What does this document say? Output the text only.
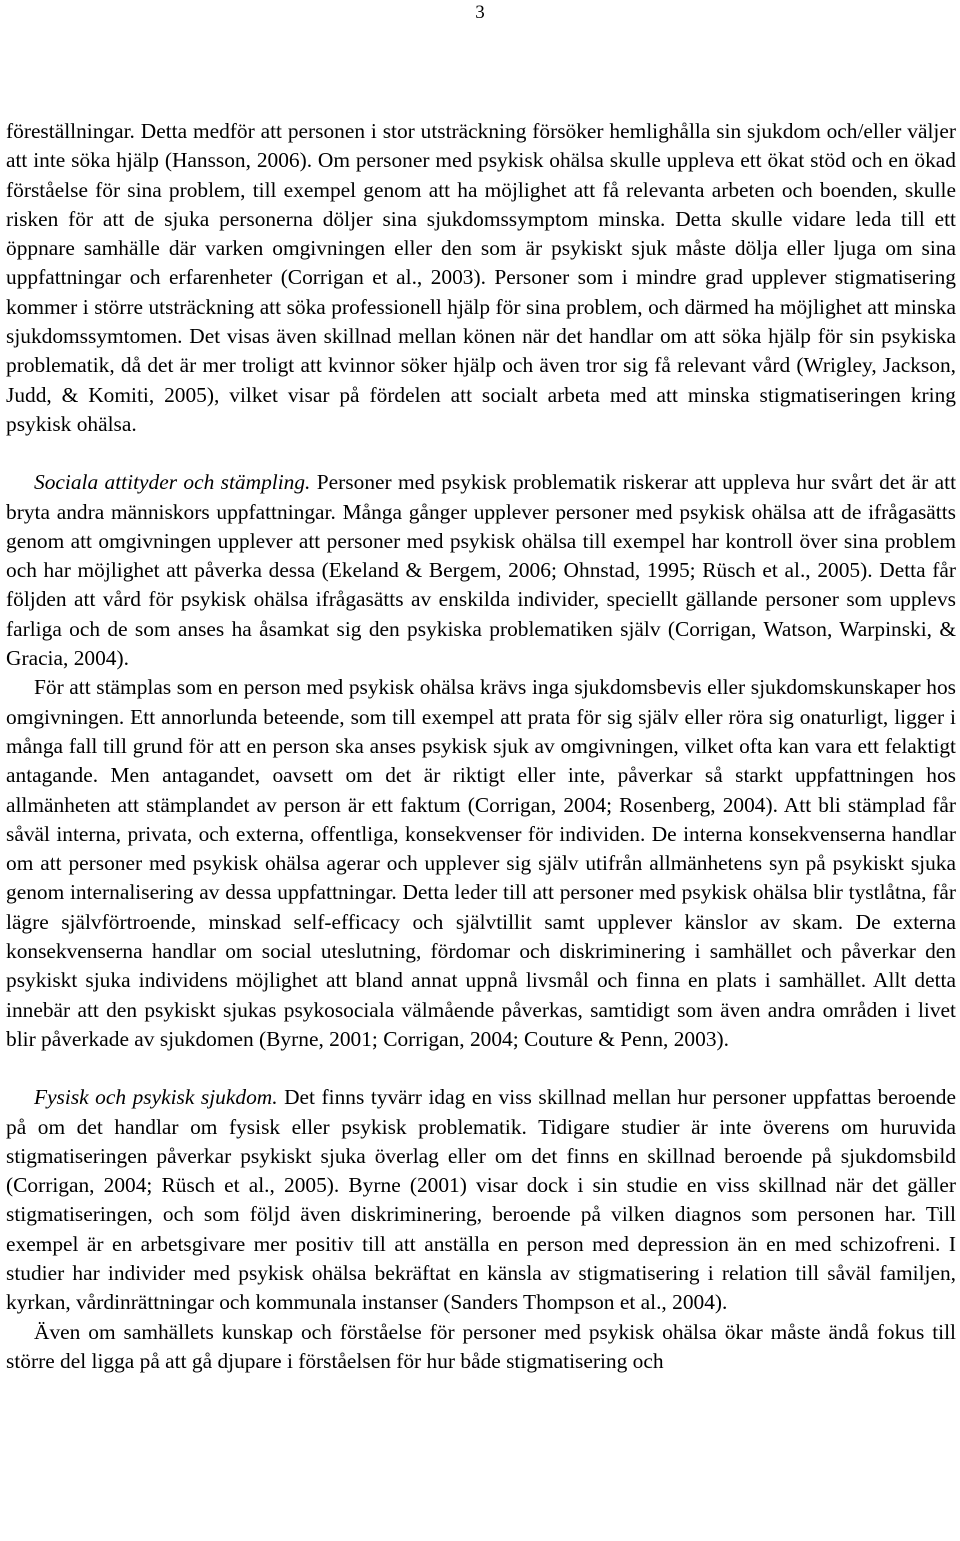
3

föreställningar. Detta medför att personen i stor utsträckning försöker hemlighålla sin sjukdom och/eller väljer att inte söka hjälp (Hansson, 2006). Om personer med psykisk ohälsa skulle uppleva ett ökat stöd och en ökad förståelse för sina problem, till exempel genom att ha möjlighet att få relevanta arbeten och boenden, skulle risken för att de sjuka personerna döljer sina sjukdomssymptom minska. Detta skulle vidare leda till ett öppnare samhälle där varken omgivningen eller den som är psykiskt sjuk måste dölja eller ljuga om sina uppfattningar och erfarenheter (Corrigan et al., 2003). Personer som i mindre grad upplever stigmatisering kommer i större utsträckning att söka professionell hjälp för sina problem, och därmed ha möjlighet att minska sjukdomssymtomen. Det visas även skillnad mellan könen när det handlar om att söka hjälp för sin psykiska problematik, då det är mer troligt att kvinnor söker hjälp och även tror sig få relevant vård (Wrigley, Jackson, Judd, & Komiti, 2005), vilket visar på fördelen att socialt arbeta med att minska stigmatiseringen kring psykisk ohälsa.

Sociala attityder och stämpling. Personer med psykisk problematik riskerar att uppleva hur svårt det är att bryta andra människors uppfattningar. Många gånger upplever personer med psykisk ohälsa att de ifrågasätts genom att omgivningen upplever att personer med psykisk ohälsa till exempel har kontroll över sina problem och har möjlighet att påverka dessa (Ekeland & Bergem, 2006; Ohnstad, 1995; Rüsch et al., 2005). Detta får följden att vård för psykisk ohälsa ifrågasätts av enskilda individer, speciellt gällande personer som upplevs farliga och de som anses ha åsamkat sig den psykiska problematiken själv (Corrigan, Watson, Warpinski, & Gracia, 2004).

För att stämplas som en person med psykisk ohälsa krävs inga sjukdomsbevis eller sjukdomskunskaper hos omgivningen. Ett annorlunda beteende, som till exempel att prata för sig själv eller röra sig onaturligt, ligger i många fall till grund för att en person ska anses psykisk sjuk av omgivningen, vilket ofta kan vara ett felaktigt antagande. Men antagandet, oavsett om det är riktigt eller inte, påverkar så starkt uppfattningen hos allmänheten att stämplandet av person är ett faktum (Corrigan, 2004; Rosenberg, 2004). Att bli stämplad får såväl interna, privata, och externa, offentliga, konsekvenser för individen. De interna konsekvenserna handlar om att personer med psykisk ohälsa agerar och upplever sig själv utifrån allmänhetens syn på psykiskt sjuka genom internalisering av dessa uppfattningar. Detta leder till att personer med psykisk ohälsa blir tystlåtna, får lägre självförtroende, minskad self-efficacy och självtillit samt upplever känslor av skam. De externa konsekvenserna handlar om social uteslutning, fördomar och diskriminering i samhället och påverkar den psykiskt sjuka individens möjlighet att bland annat uppnå livsmål och finna en plats i samhället. Allt detta innebär att den psykiskt sjukas psykosociala välmående påverkas, samtidigt som även andra områden i livet blir påverkade av sjukdomen (Byrne, 2001; Corrigan, 2004; Couture & Penn, 2003).

Fysisk och psykisk sjukdom. Det finns tyvärr idag en viss skillnad mellan hur personer uppfattas beroende på om det handlar om fysisk eller psykisk problematik. Tidigare studier är inte överens om huruvida stigmatiseringen påverkar psykiskt sjuka överlag eller om det finns en skillnad beroende på sjukdomsbild (Corrigan, 2004; Rüsch et al., 2005). Byrne (2001) visar dock i sin studie en viss skillnad när det gäller stigmatiseringen, och som följd även diskriminering, beroende på vilken diagnos som personen har. Till exempel är en arbetsgivare mer positiv till att anställa en person med depression än en med schizofreni. I studier har individer med psykisk ohälsa bekräftat en känsla av stigmatisering i relation till såväl familjen, kyrkan, vårdinrättningar och kommunala instanser (Sanders Thompson et al., 2004).

Även om samhällets kunskap och förståelse för personer med psykisk ohälsa ökar måste ändå fokus till större del ligga på att gå djupare i förståelsen för hur både stigmatisering och
